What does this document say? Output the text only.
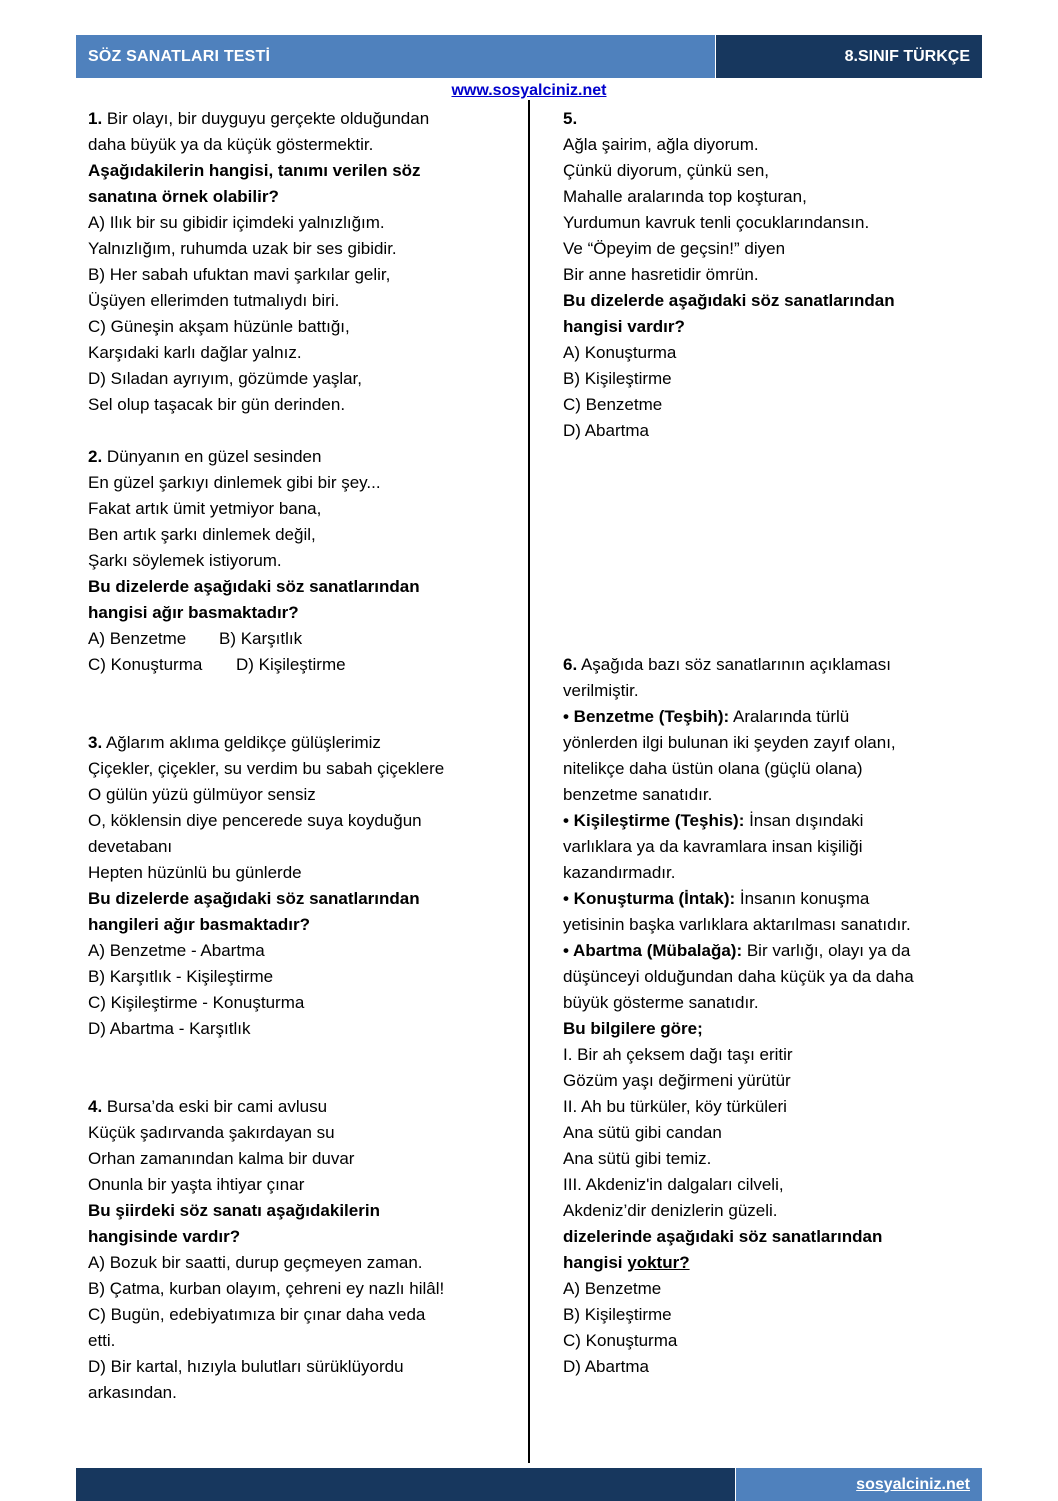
SÖZ SANATLARI TESTİ	8.SINIF TÜRKÇE
www.sosyalciniz.net
1. Bir olayı, bir duyguyu gerçekte olduğundan
daha büyük ya da küçük göstermektir.
Aşağıdakilerin hangisi, tanımı verilen söz
sanatına örnek olabilir?
A) Ilık bir su gibidir içimdeki yalnızlığım.
Yalnızlığım, ruhumda uzak bir ses gibidir.
B) Her sabah ufuktan mavi şarkılar gelir,
Üşüyen ellerimden tutmalıydı biri.
C) Güneşin akşam hüzünle battığı,
Karşıdaki karlı dağlar yalnız.
D) Sıladan ayrıyım, gözümde yaşlar,
Sel olup taşacak bir gün derinden.
2. Dünyanın en güzel sesinden
En güzel şarkıyı dinlemek gibi bir şey...
Fakat artık ümit yetmiyor bana,
Ben artık şarkı dinlemek değil,
Şarkı söylemek istiyorum.
Bu dizelerde aşağıdaki söz sanatlarından
hangisi ağır basmaktadır?
A) Benzetme	B) Karşıtlık
C) Konuşturma	D) Kişileştirme
3. Ağlarım aklıma geldikçe gülüşlerimiz
Çiçekler, çiçekler, su verdim bu sabah çiçeklere
O gülün yüzü gülmüyor sensiz
O, köklensin diye pencerede suya koyduğun
devetabanı
Hepten hüzünlü bu günlerde
Bu dizelerde aşağıdaki söz sanatlarından
hangileri ağır basmaktadır?
A) Benzetme - Abartma
B) Karşıtlık - Kişileştirme
C) Kişileştirme - Konuşturma
D) Abartma - Karşıtlık
4. Bursa’da eski bir cami avlusu
Küçük şadırvanda şakırdayan su
Orhan zamanından kalma bir duvar
Onunla bir yaşta ihtiyar çınar
Bu şiirdeki söz sanatı aşağıdakilerin
hangisinde vardır?
A) Bozuk bir saatti, durup geçmeyen zaman.
B) Çatma, kurban olayım, çehreni ey nazlı hilâl!
C) Bugün, edebiyatımıza bir çınar daha veda
etti.
D) Bir kartal, hızıyla bulutları sürüklüyordu
arkasından.
5.
Ağla şairim, ağla diyorum.
Çünkü diyorum, çünkü sen,
Mahalle aralarında top koşturan,
Yurdumun kavruk tenli çocuklarındansın.
Ve “Öpeyim de geçsin!” diyen
Bir anne hasretidir ömrün.
Bu dizelerde aşağıdaki söz sanatlarından
hangisi vardır?
A) Konuşturma
B) Kişileştirme
C) Benzetme
D) Abartma
6. Aşağıda bazı söz sanatlarının açıklaması
verilmiştir.
• Benzetme (Teşbih): Aralarında türlü
yönlerden ilgi bulunan iki şeyden zayıf olanı,
nitelikçe daha üstün olana (güçlü olana)
benzetme sanatıdır.
• Kişileştirme (Teşhis): İnsan dışındaki
varlıklara ya da kavramlara insan kişiliği
kazandırmadır.
• Konuşturma (İntak): İnsanın konuşma
yetisinin başka varlıklara aktarılması sanatıdır.
• Abartma (Mübalağa): Bir varlığı, olayı ya da
düşünceyi olduğundan daha küçük ya da daha
büyük gösterme sanatıdır.
Bu bilgilere göre;
I. Bir ah çeksem dağı taşı eritir
Gözüm yaşı değirmeni yürütür
II. Ah bu türküler, köy türküleri
Ana sütü gibi candan
Ana sütü gibi temiz.
III. Akdeniz'in dalgaları cilveli,
Akdeniz’dir denizlerin güzeli.
dizelerinde aşağıdaki söz sanatlarından
hangisi yoktur?
A) Benzetme
B) Kişileştirme
C) Konuşturma
D) Abartma
sosyalciniz.net
